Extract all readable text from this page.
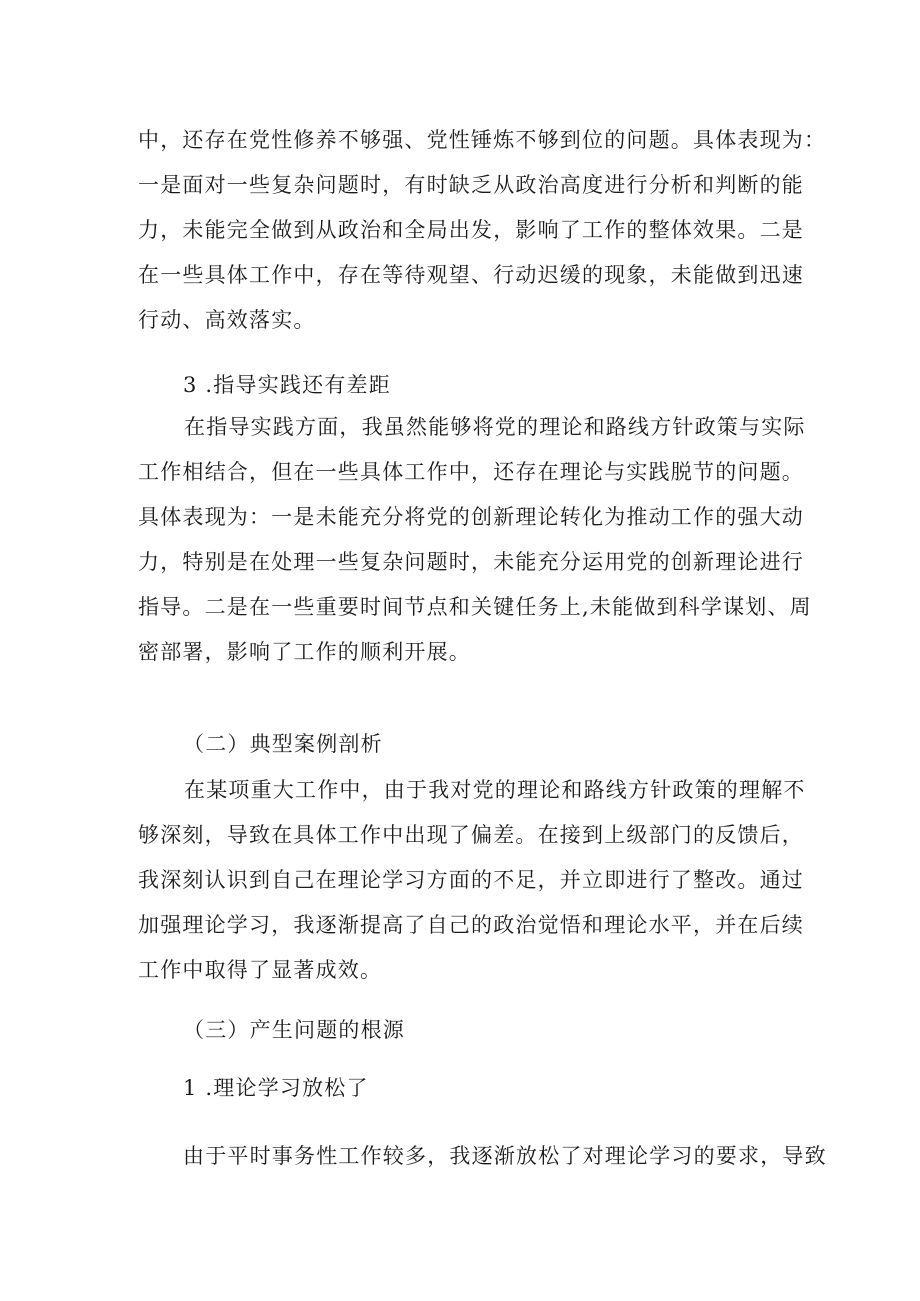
中，还存在党性修养不够强、党性锤炼不够到位的问题。具体表现为：
一是面对一些复杂问题时，有时缺乏从政治高度进行分析和判断的能
力，未能完全做到从政治和全局出发，影响了工作的整体效果。二是
在一些具体工作中，存在等待观望、行动迟缓的现象，未能做到迅速
行动、高效落实。

3 .指导实践还有差距

在指导实践方面，我虽然能够将党的理论和路线方针政策与实际
工作相结合，但在一些具体工作中，还存在理论与实践脱节的问题。
具体表现为：一是未能充分将党的创新理论转化为推动工作的强大动
力，特别是在处理一些复杂问题时，未能充分运用党的创新理论进行
指导。二是在一些重要时间节点和关键任务上,未能做到科学谋划、周
密部署，影响了工作的顺利开展。

（二）典型案例剖析

在某项重大工作中，由于我对党的理论和路线方针政策的理解不
够深刻，导致在具体工作中出现了偏差。在接到上级部门的反馈后，
我深刻认识到自己在理论学习方面的不足，并立即进行了整改。通过
加强理论学习，我逐渐提高了自己的政治觉悟和理论水平，并在后续
工作中取得了显著成效。

（三）产生问题的根源

1 .理论学习放松了

由于平时事务性工作较多，我逐渐放松了对理论学习的要求，导致
